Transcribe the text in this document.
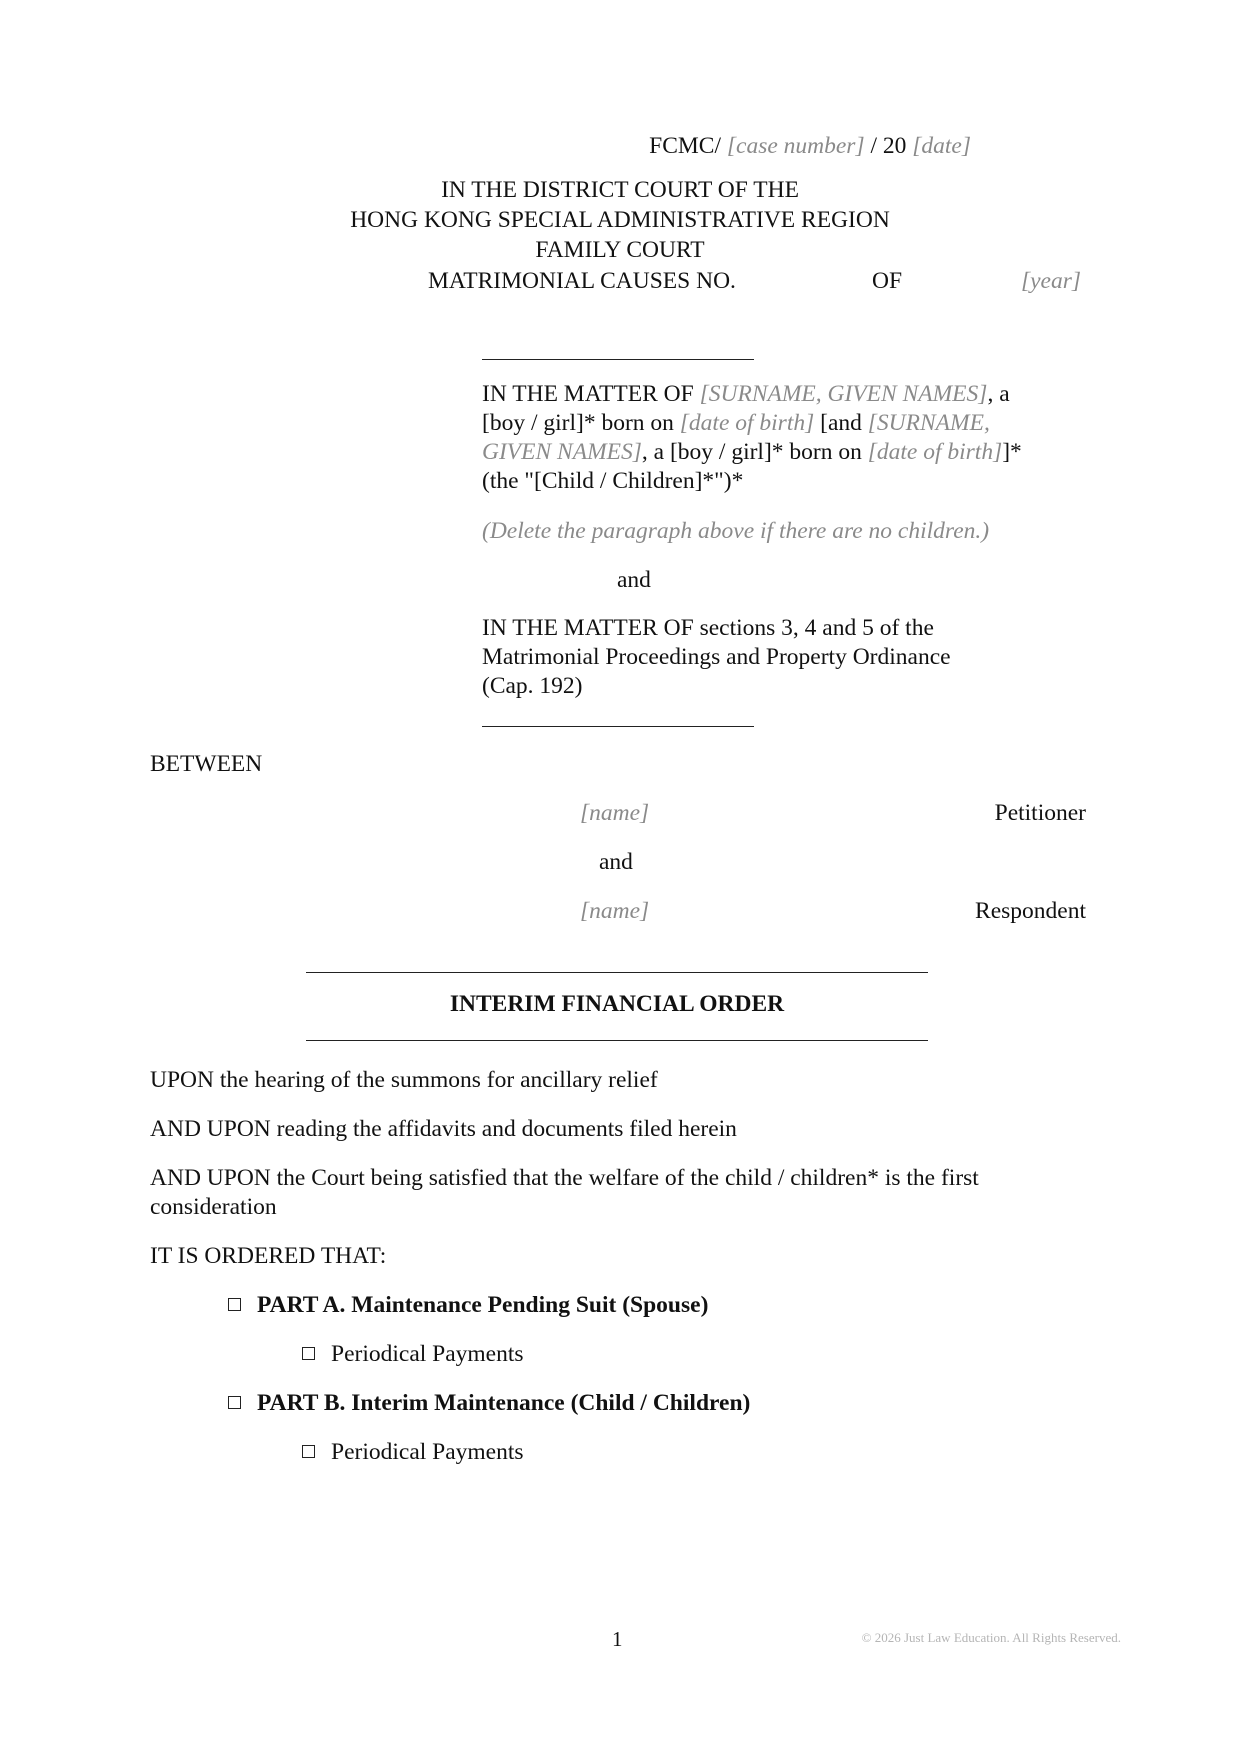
FCMC/ [case number] / 20 [date]
IN THE DISTRICT COURT OF THE
HONG KONG SPECIAL ADMINISTRATIVE REGION
FAMILY COURT
MATRIMONIAL CAUSES NO.	OF	[year]
IN THE MATTER OF [SURNAME, GIVEN NAMES], a
[boy / girl]* born on [date of birth] [and [SURNAME,
GIVEN NAMES], a [boy / girl]* born on [date of birth]]*
(the "[Child / Children]*")*
(Delete the paragraph above if there are no children.)
and
IN THE MATTER OF sections 3, 4 and 5 of the
Matrimonial Proceedings and Property Ordinance
(Cap. 192)
BETWEEN
[name]	Petitioner
and
[name]	Respondent
INTERIM FINANCIAL ORDER
UPON the hearing of the summons for ancillary relief
AND UPON reading the affidavits and documents filed herein
AND UPON the Court being satisfied that the welfare of the child / children* is the first
consideration
IT IS ORDERED THAT:
PART A. Maintenance Pending Suit (Spouse)
Periodical Payments
PART B. Interim Maintenance (Child / Children)
Periodical Payments
1	© 2026 Just Law Education. All Rights Reserved.
